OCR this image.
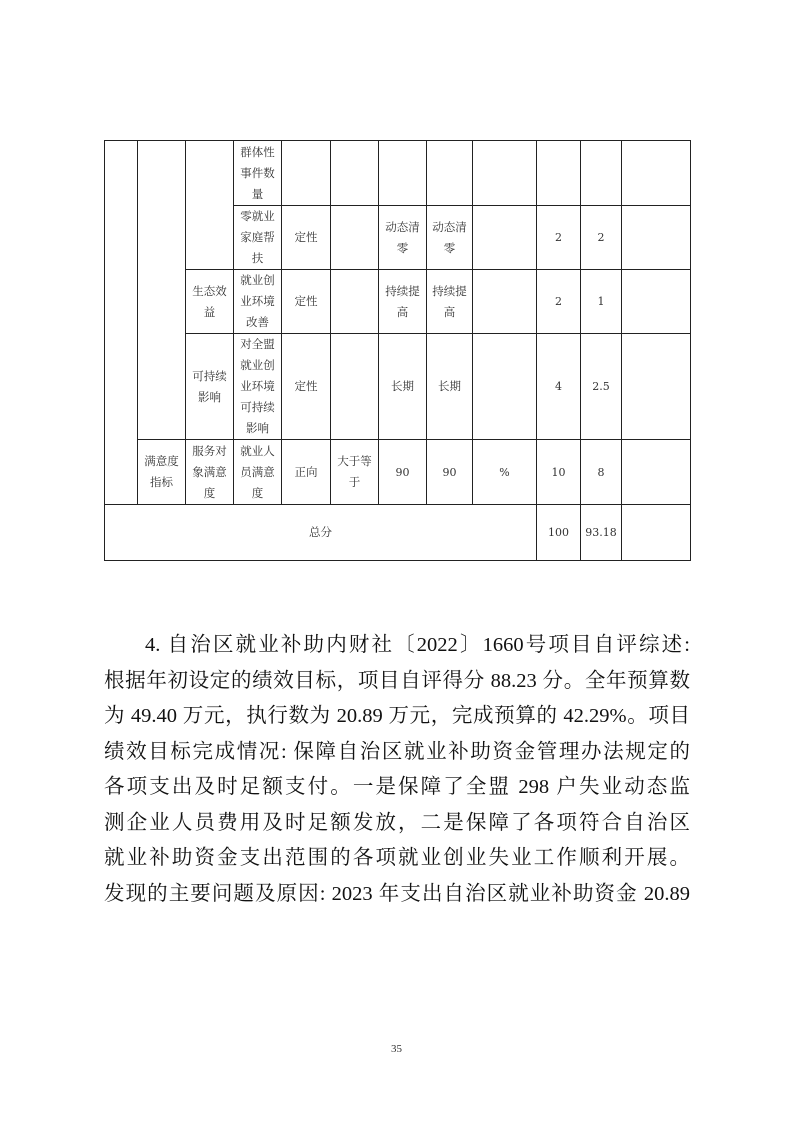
			群体性事件数量								
			零就业家庭帮扶	定性		动态清零	动态清零		2	2	
		生态效益	就业创业环境改善	定性		持续提高	持续提高		2	1	
		可持续影响	对全盟就业创业环境可持续影响	定性		长期	长期		4	2.5	
	满意度指标	服务对象满意度	就业人员满意度	正向	大于等于	90	90	%	10	8	
总分									100	93.18	
4. 自治区就业补助内财社〔2022〕1660号项目自评综述:
根据年初设定的绩效目标，项目自评得分 88.23 分。全年预算数
为 49.40 万元，执行数为 20.89 万元，完成预算的 42.29%。项目
绩效目标完成情况: 保障自治区就业补助资金管理办法规定的
各项支出及时足额支付。一是保障了全盟 298 户失业动态监
测企业人员费用及时足额发放，二是保障了各项符合自治区
就业补助资金支出范围的各项就业创业失业工作顺利开展。
发现的主要问题及原因: 2023 年支出自治区就业补助资金 20.89
35
